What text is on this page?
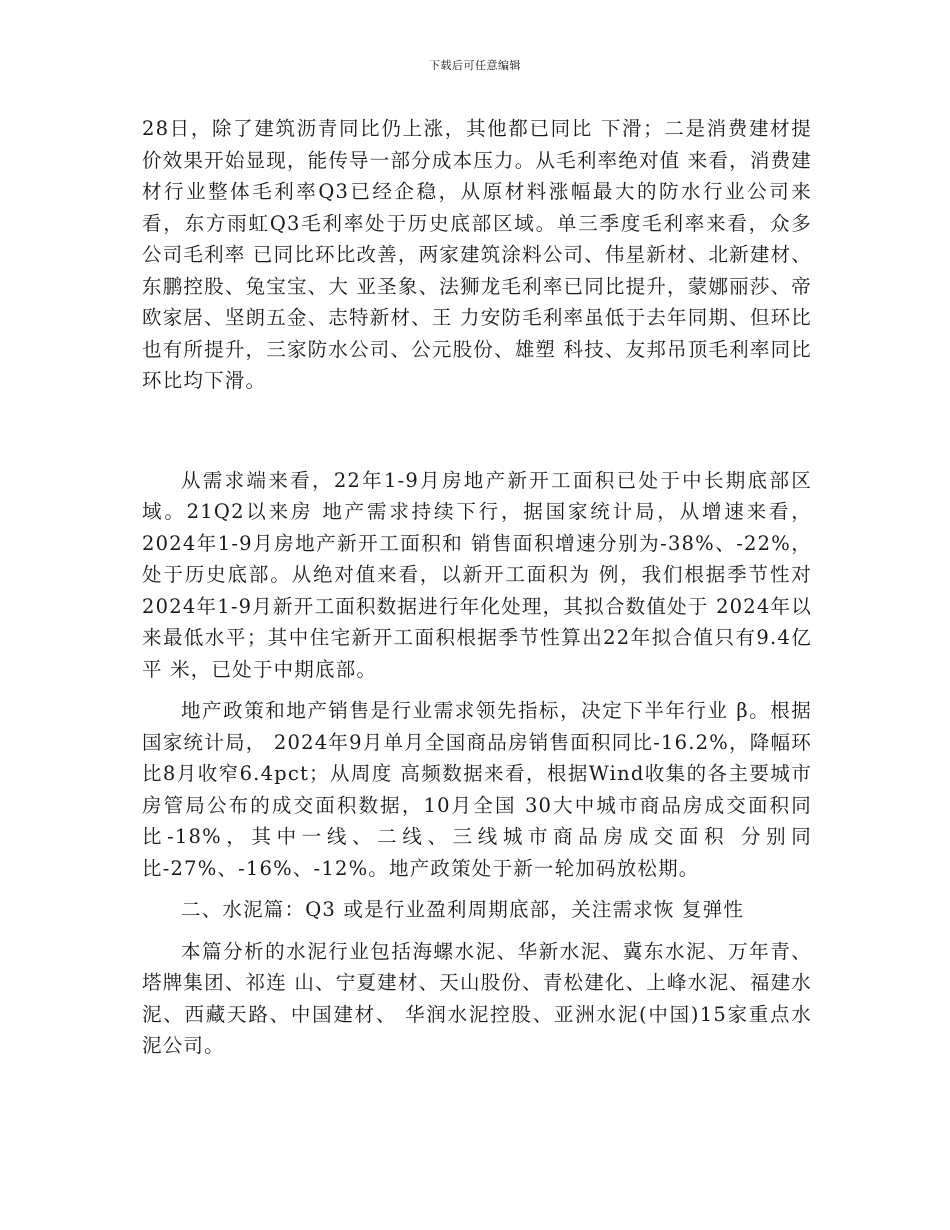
下载后可任意编辑

28日，除了建筑沥青同比仍上涨，其他都已同比 下滑；二是消费建材提价效果开始显现，能传导一部分成本压力。从毛利率绝对值 来看，消费建材行业整体毛利率Q3已经企稳，从原材料涨幅最大的防水行业公司来 看，东方雨虹Q3毛利率处于历史底部区域。单三季度毛利率来看，众多公司毛利率 已同比环比改善，两家建筑涂料公司、伟星新材、北新建材、东鹏控股、兔宝宝、大 亚圣象、法狮龙毛利率已同比提升，蒙娜丽莎、帝欧家居、坚朗五金、志特新材、王 力安防毛利率虽低于去年同期、但环比也有所提升，三家防水公司、公元股份、雄塑 科技、友邦吊顶毛利率同比环比均下滑。

从需求端来看，22年1-9月房地产新开工面积已处于中长期底部区域。21Q2以来房 地产需求持续下行，据国家统计局，从增速来看，2024年1-9月房地产新开工面积和 销售面积增速分别为-38%、-22%，处于历史底部。从绝对值来看，以新开工面积为 例，我们根据季节性对2024年1-9月新开工面积数据进行年化处理，其拟合数值处于 2024年以来最低水平；其中住宅新开工面积根据季节性算出22年拟合值只有9.4亿平 米，已处于中期底部。

地产政策和地产销售是行业需求领先指标，决定下半年行业 β。根据国家统计局， 2024年9月单月全国商品房销售面积同比-16.2%，降幅环比8月收窄6.4pct；从周度 高频数据来看，根据Wind收集的各主要城市房管局公布的成交面积数据，10月全国 30大中城市商品房成交面积同比-18%，其中一线、二线、三线城市商品房成交面积 分别同比-27%、-16%、-12%。地产政策处于新一轮加码放松期。

二、水泥篇：Q3 或是行业盈利周期底部，关注需求恢 复弹性

本篇分析的水泥行业包括海螺水泥、华新水泥、冀东水泥、万年青、塔牌集团、祁连 山、宁夏建材、天山股份、青松建化、上峰水泥、福建水泥、西藏天路、中国建材、 华润水泥控股、亚洲水泥(中国)15家重点水泥公司。
